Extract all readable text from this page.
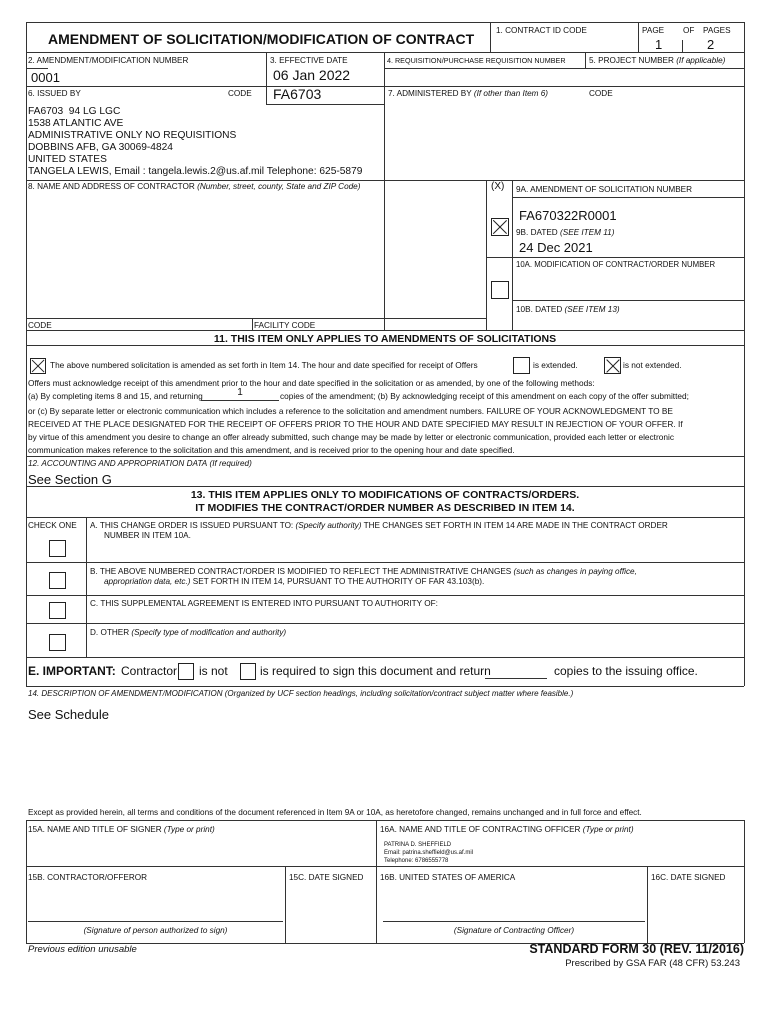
AMENDMENT OF SOLICITATION/MODIFICATION OF CONTRACT
1. CONTRACT ID CODE	PAGE OF PAGES
1	2
2. AMENDMENT/MODIFICATION NUMBER
0001
3. EFFECTIVE DATE
06 Jan 2022
4. REQUISITION/PURCHASE REQUISITION NUMBER	5. PROJECT NUMBER (If applicable)
6. ISSUED BY	CODE FA6703	7. ADMINISTERED BY (If other than Item 6)	CODE
FA6703  94 LG LGC
1538 ATLANTIC AVE
ADMINISTRATIVE ONLY NO REQUISITIONS
DOBBINS AFB, GA 30069-4824
UNITED STATES
TANGELA LEWIS, Email : tangela.lewis.2@us.af.mil Telephone: 625-5879
8. NAME AND ADDRESS OF CONTRACTOR (Number, street, county, State and ZIP Code)	(X) 9A. AMENDMENT OF SOLICITATION NUMBER
FA670322R0001
9B. DATED (SEE ITEM 11)
24 Dec 2021
10A. MODIFICATION OF CONTRACT/ORDER NUMBER
10B. DATED (SEE ITEM 13)
CODE	FACILITY CODE
11. THIS ITEM ONLY APPLIES TO AMENDMENTS OF SOLICITATIONS
The above numbered solicitation is amended as set forth in Item 14. The hour and date specified for receipt of Offers	is extended.	is not extended.
Offers must acknowledge receipt of this amendment prior to the hour and date specified in the solicitation or as amended, by one of the following methods:
(a) By completing items 8 and 15, and returning	1	copies of the amendment; (b) By acknowledging receipt of this amendment on each copy of the offer submitted;
or (c) By separate letter or electronic communication which includes a reference to the solicitation and amendment numbers. FAILURE OF YOUR ACKNOWLEDGMENT TO BE
RECEIVED AT THE PLACE DESIGNATED FOR THE RECEIPT OF OFFERS PRIOR TO THE HOUR AND DATE SPECIFIED MAY RESULT IN REJECTION OF YOUR OFFER. If
by virtue of this amendment you desire to change an offer already submitted, such change may be made by letter or electronic communication, provided each letter or electronic
communication makes reference to the solicitation and this amendment, and is received prior to the opening hour and date specified.
12. ACCOUNTING AND APPROPRIATION DATA (If required)
See Section G
13. THIS ITEM APPLIES ONLY TO MODIFICATIONS OF CONTRACTS/ORDERS.
IT MODIFIES THE CONTRACT/ORDER NUMBER AS DESCRIBED IN ITEM 14.
CHECK ONE A. THIS CHANGE ORDER IS ISSUED PURSUANT TO: (Specify authority) THE CHANGES SET FORTH IN ITEM 14 ARE MADE IN THE CONTRACT ORDER
NUMBER IN ITEM 10A.
B. THE ABOVE NUMBERED CONTRACT/ORDER IS MODIFIED TO REFLECT THE ADMINISTRATIVE CHANGES (such as changes in paying office,
appropriation data, etc.) SET FORTH IN ITEM 14, PURSUANT TO THE AUTHORITY OF FAR 43.103(b).
C. THIS SUPPLEMENTAL AGREEMENT IS ENTERED INTO PURSUANT TO AUTHORITY OF:
D. OTHER (Specify type of modification and authority)
E. IMPORTANT: Contractor is not	is required to sign this document and return	copies to the issuing office.
14. DESCRIPTION OF AMENDMENT/MODIFICATION (Organized by UCF section headings, including solicitation/contract subject matter where feasible.)
See Schedule
Except as provided herein, all terms and conditions of the document referenced in Item 9A or 10A, as heretofore changed, remains unchanged and in full force and effect.
15A. NAME AND TITLE OF SIGNER (Type or print)	16A. NAME AND TITLE OF CONTRACTING OFFICER (Type or print)
PATRINA D. SHEFFIELD
Email: patrina.sheffield@us.af.mil
Telephone: 6786555778
15B. CONTRACTOR/OFFEROR	15C. DATE SIGNED 16B. UNITED STATES OF AMERICA	16C. DATE SIGNED
(Signature of person authorized to sign)	(Signature of Contracting Officer)
Previous edition unusable	STANDARD FORM 30 (REV. 11/2016)
Prescribed by GSA FAR (48 CFR) 53.243
